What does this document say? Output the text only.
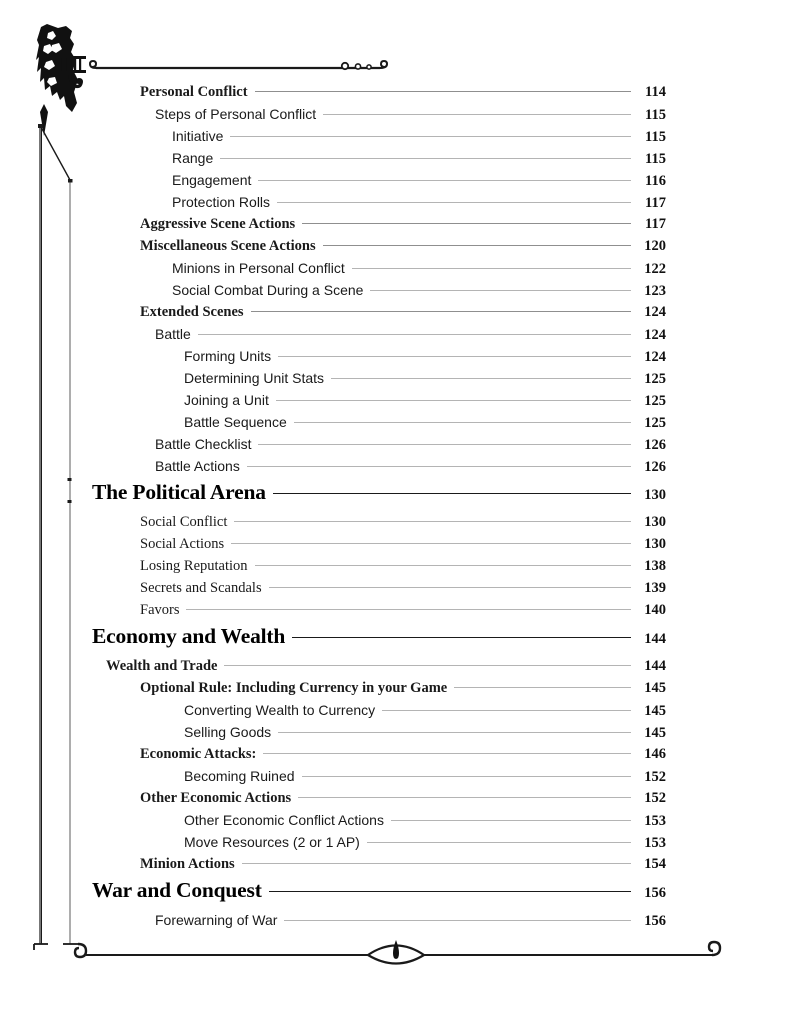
Personal Conflict	114
Steps of Personal Conflict	115
Initiative	115
Range	115
Engagement	116
Protection Rolls	117
Aggressive Scene Actions	117
Miscellaneous Scene Actions	120
Minions in Personal Conflict	122
Social Combat During a Scene	123
Extended Scenes	124
Battle	124
Forming Units	124
Determining Unit Stats	125
Joining a Unit	125
Battle Sequence	125
Battle Checklist	126
Battle Actions	126
The Political Arena	130
Social Conflict	130
Social Actions	130
Losing Reputation	138
Secrets and Scandals	139
Favors	140
Economy and Wealth	144
Wealth and Trade	144
Optional Rule: Including Currency in your Game	145
Converting Wealth to Currency	145
Selling Goods	145
Economic Attacks:	146
Becoming Ruined	152
Other Economic Actions	152
Other Economic Conflict Actions	153
Move Resources (2 or 1 AP)	153
Minion Actions	154
War and Conquest	156
Forewarning of War	156
